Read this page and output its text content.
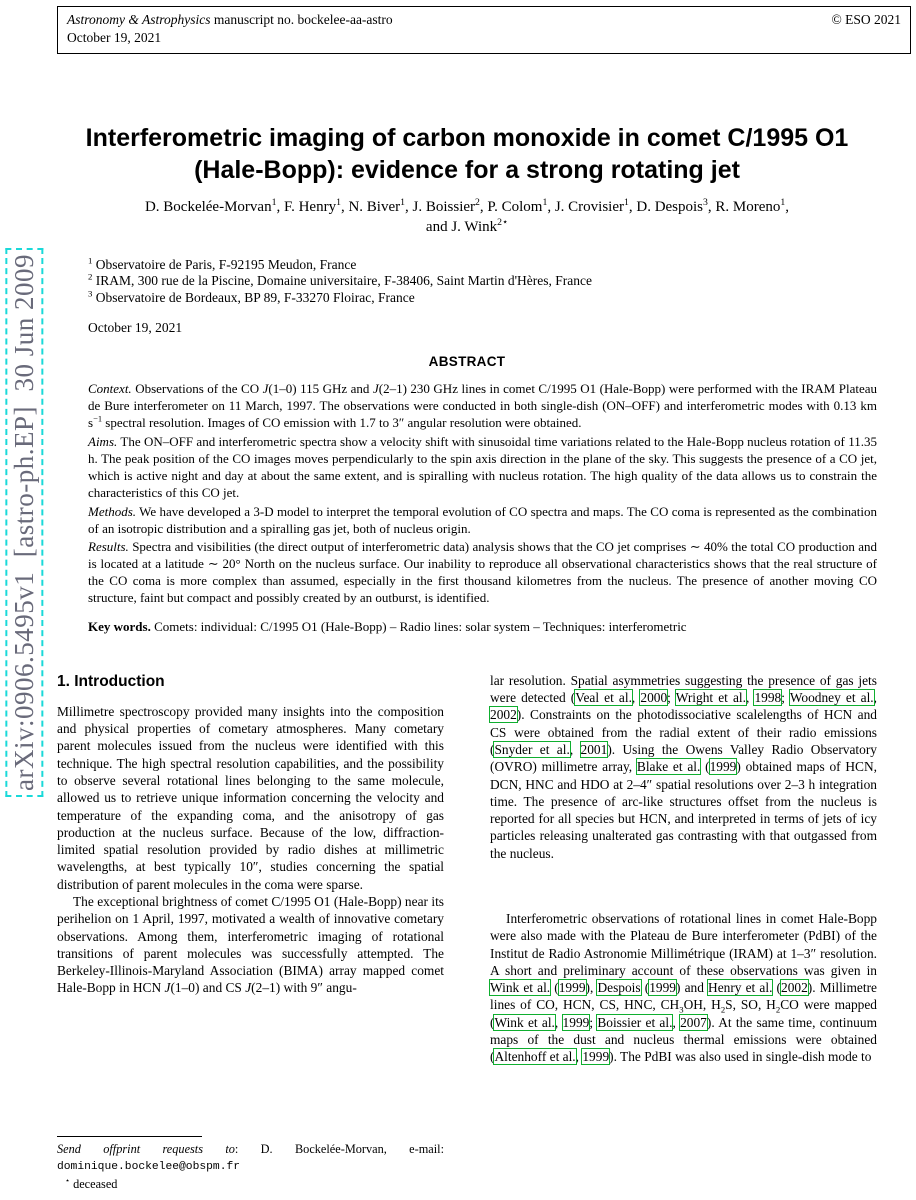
arXiv:0906.5495v1  [astro-ph.EP]  30 Jun 2009
Astronomy & Astrophysics manuscript no. bockelee-aa-astro	© ESO 2021
October 19, 2021
Interferometric imaging of carbon monoxide in comet C/1995 O1
(Hale-Bopp): evidence for a strong rotating jet
D. Bockelée-Morvan$^1$, F. Henry$^1$, N. Biver$^1$, J. Boissier$^2$, P. Colom$^1$, J. Crovisier$^1$, D. Despois$^3$, R. Moreno$^1$,
and J. Wink$^{2⋆}$
$^1$ Observatoire de Paris, F-92195 Meudon, France
$^2$ IRAM, 300 rue de la Piscine, Domaine universitaire, F-38406, Saint Martin d'Hères, France
$^3$ Observatoire de Bordeaux, BP 89, F-33270 Floirac, France
October 19, 2021
ABSTRACT

Context. Observations of the CO J(1–0) 115 GHz and J(2–1) 230 GHz lines in comet C/1995 O1 (Hale-Bopp) were performed with the IRAM Plateau de Bure interferometer on 11 March, 1997. The observations were conducted in both single-dish (ON–OFF) and interferometric modes with 0.13 km $s^{-1}$ spectral resolution. Images of CO emission with 1.7 to 3″ angular resolution were obtained.

Aims. The ON–OFF and interferometric spectra show a velocity shift with sinusoidal time variations related to the Hale-Bopp nucleus rotation of 11.35 h. The peak position of the CO images moves perpendicularly to the spin axis direction in the plane of the sky. This suggests the presence of a CO jet, which is active night and day at about the same extent, and is spiralling with nucleus rotation. The high quality of the data allows us to constrain the characteristics of this CO jet.

Methods. We have developed a 3-D model to interpret the temporal evolution of CO spectra and maps. The CO coma is represented as the combination of an isotropic distribution and a spiralling gas jet, both of nucleus origin.

Results. Spectra and visibilities (the direct output of interferometric data) analysis shows that the CO jet comprises ∼ 40% the total CO production and is located at a latitude ∼ 20° North on the nucleus surface. Our inability to reproduce all observational characteristics shows that the real structure of the CO coma is more complex than assumed, especially in the first thousand kilometres from the nucleus. The presence of another moving CO structure, faint but compact and possibly created by an outburst, is identified.

Key words. Comets: individual: C/1995 O1 (Hale-Bopp) – Radio lines: solar system – Techniques: interferometric
1. Introduction

Millimetre spectroscopy provided many insights into the composition and physical properties of cometary atmospheres. Many cometary parent molecules issued from the nucleus were identified with this technique. The high spectral resolution capabilities, and the possibility to observe several rotational lines belonging to the same molecule, allowed us to retrieve unique information concerning the velocity and temperature of the expanding coma, and the anisotropy of gas production at the nucleus surface. Because of the low, diffraction-limited spatial resolution provided by radio dishes at millimetric wavelengths, at best typically 10″, studies concerning the spatial distribution of parent molecules in the coma were sparse.

The exceptional brightness of comet C/1995 O1 (Hale-Bopp) near its perihelion on 1 April, 1997, motivated a wealth of innovative cometary observations. Among them, interferometric imaging of rotational transitions of parent molecules was successfully attempted. The Berkeley-Illinois-Maryland Association (BIMA) array mapped comet Hale-Bopp in HCN J(1–0) and CS J(2–1) with 9″ angu-

lar resolution. Spatial asymmetries suggesting the presence of gas jets were detected (Veal et al., 2000; Wright et al., 1998; Woodney et al., 2002). Constraints on the photodissociative scalelengths of HCN and CS were obtained from the radial extent of their radio emissions (Snyder et al., 2001). Using the Owens Valley Radio Observatory (OVRO) millimetre array, Blake et al. (1999) obtained maps of HCN, DCN, HNC and HDO at 2–4″ spatial resolutions over 2–3 h integration time. The presence of arc-like structures offset from the nucleus is reported for all species but HCN, and interpreted in terms of jets of icy particles releasing unalterated gas contrasting with that outgassed from the nucleus.

Interferometric observations of rotational lines in comet Hale-Bopp were also made with the Plateau de Bure interferometer (PdBI) of the Institut de Radio Astronomie Millimétrique (IRAM) at 1–3″ resolution. A short and preliminary account of these observations was given in Wink et al. (1999), Despois (1999) and Henry et al. (2002). Millimetre lines of CO, HCN, CS, HNC, $CH_3OH$, $H_2S$, SO, $H_2CO$ were mapped (Wink et al., 1999; Boissier et al., 2007). At the same time, continuum maps of the dust and nucleus thermal emissions were obtained (Altenhoff et al., 1999). The PdBI was also used in single-dish mode to

Send offprint requests to: D. Bockelée-Morvan, e-mail: dominique.bockelee@obspm.fr
⋆ deceased
